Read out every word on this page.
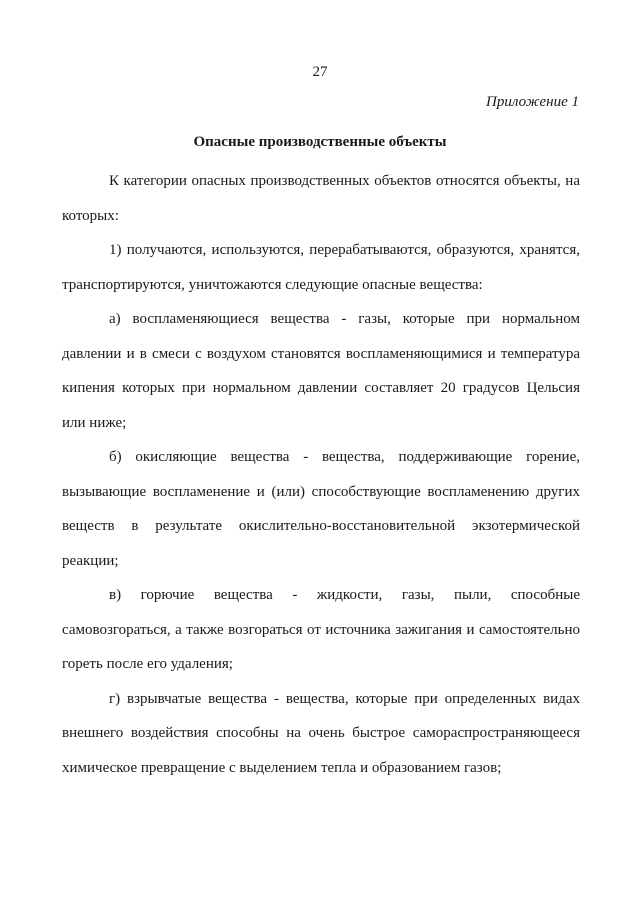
27
Приложение 1
Опасные производственные объекты

К категории опасных производственных объектов относятся объекты, на которых:

1) получаются, используются, перерабатываются, образуются, хранятся, транспортируются, уничтожаются следующие опасные вещества:

а) воспламеняющиеся вещества - газы, которые при нормальном давлении и в смеси с воздухом становятся воспламеняющимися и температура кипения которых при нормальном давлении составляет 20 градусов Цельсия или ниже;

б) окисляющие вещества - вещества, поддерживающие горение, вызывающие воспламенение и (или) способствующие воспламенению других веществ в результате окислительно-восстановительной экзотермической реакции;

в) горючие вещества - жидкости, газы, пыли, способные самовозгораться, а также возгораться от источника зажигания и самостоятельно гореть после его удаления;

г) взрывчатые вещества - вещества, которые при определенных видах внешнего воздействия способны на очень быстрое самораспространяющееся химическое превращение с выделением тепла и образованием газов;
